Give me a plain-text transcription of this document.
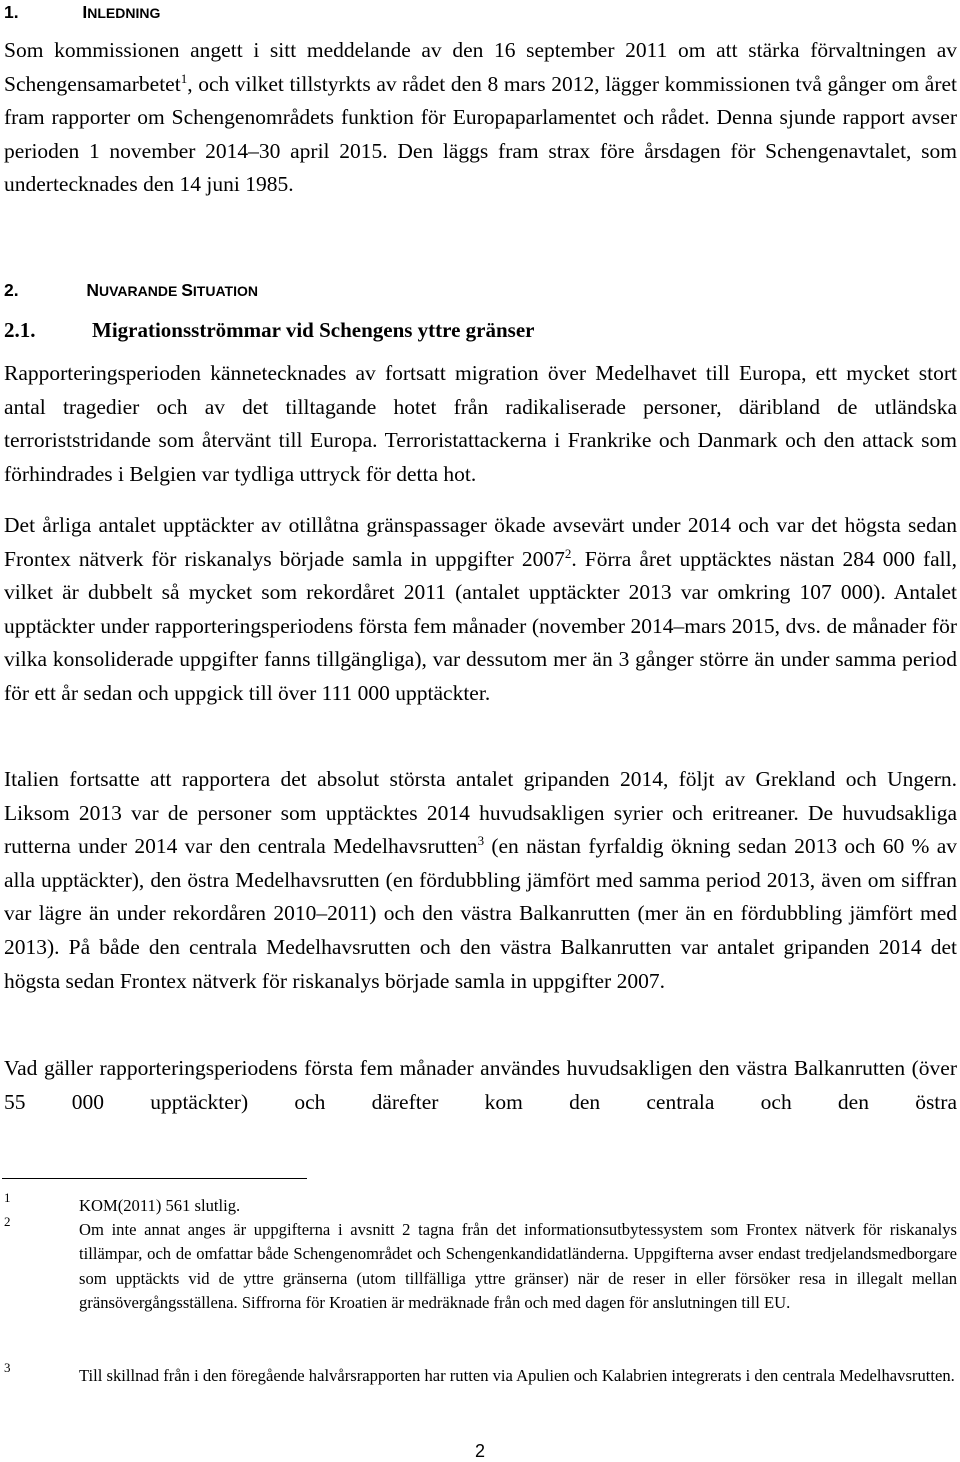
1.	INLEDNING
Som kommissionen angett i sitt meddelande av den 16 september 2011 om att stärka förvaltningen av Schengensamarbetet$^1$, och vilket tillstyrkts av rådet den 8 mars 2012, lägger kommissionen två gånger om året fram rapporter om Schengenområdets funktion för Europaparlamentet och rådet. Denna sjunde rapport avser perioden 1 november 2014–30 april 2015. Den läggs fram strax före årsdagen för Schengenavtalet, som undertecknades den 14 juni 1985.
2.	NUVARANDE SITUATION
2.1.	Migrationsströmmar vid Schengens yttre gränser
Rapporteringsperioden kännetecknades av fortsatt migration över Medelhavet till Europa, ett mycket stort antal tragedier och av det tilltagande hotet från radikaliserade personer, däribland de utländska terroriststridande som återvänt till Europa. Terroristattackerna i Frankrike och Danmark och den attack som förhindrades i Belgien var tydliga uttryck för detta hot.
Det årliga antalet upptäckter av otillåtna gränspassager ökade avsevärt under 2014 och var det högsta sedan Frontex nätverk för riskanalys började samla in uppgifter 2007$^2$. Förra året upptäcktes nästan 284 000 fall, vilket är dubbelt så mycket som rekordåret 2011 (antalet upptäckter 2013 var omkring 107 000). Antalet upptäckter under rapporteringsperiodens första fem månader (november 2014–mars 2015, dvs. de månader för vilka konsoliderade uppgifter fanns tillgängliga), var dessutom mer än 3 gånger större än under samma period för ett år sedan och uppgick till över 111 000 upptäckter.
Italien fortsatte att rapportera det absolut största antalet gripanden 2014, följt av Grekland och Ungern. Liksom 2013 var de personer som upptäcktes 2014 huvudsakligen syrier och eritreaner. De huvudsakliga rutterna under 2014 var den centrala Medelhavsrutten$^3$ (en nästan fyrfaldig ökning sedan 2013 och 60 % av alla upptäckter), den östra Medelhavsrutten (en fördubbling jämfört med samma period 2013, även om siffran var lägre än under rekordåren 2010–2011) och den västra Balkanrutten (mer än en fördubbling jämfört med 2013). På både den centrala Medelhavsrutten och den västra Balkanrutten var antalet gripanden 2014 det högsta sedan Frontex nätverk för riskanalys började samla in uppgifter 2007.
Vad gäller rapporteringsperiodens första fem månader användes huvudsakligen den västra Balkanrutten (över 55 000 upptäckter) och därefter kom den centrala och den östra
1	KOM(2011) 561 slutlig.
2	Om inte annat anges är uppgifterna i avsnitt 2 tagna från det informationsutbytessystem som Frontex nätverk för riskanalys tillämpar, och de omfattar både Schengenområdet och Schengenkandidatländerna. Uppgifterna avser endast tredjelandsmedborgare som upptäckts vid de yttre gränserna (utom tillfälliga yttre gränser) när de reser in eller försöker resa in illegalt mellan gränsövergångsställena. Siffrorna för Kroatien är medräknade från och med dagen för anslutningen till EU.
3	Till skillnad från i den föregående halvårsrapporten har rutten via Apulien och Kalabrien integrerats i den centrala Medelhavsrutten.
2
